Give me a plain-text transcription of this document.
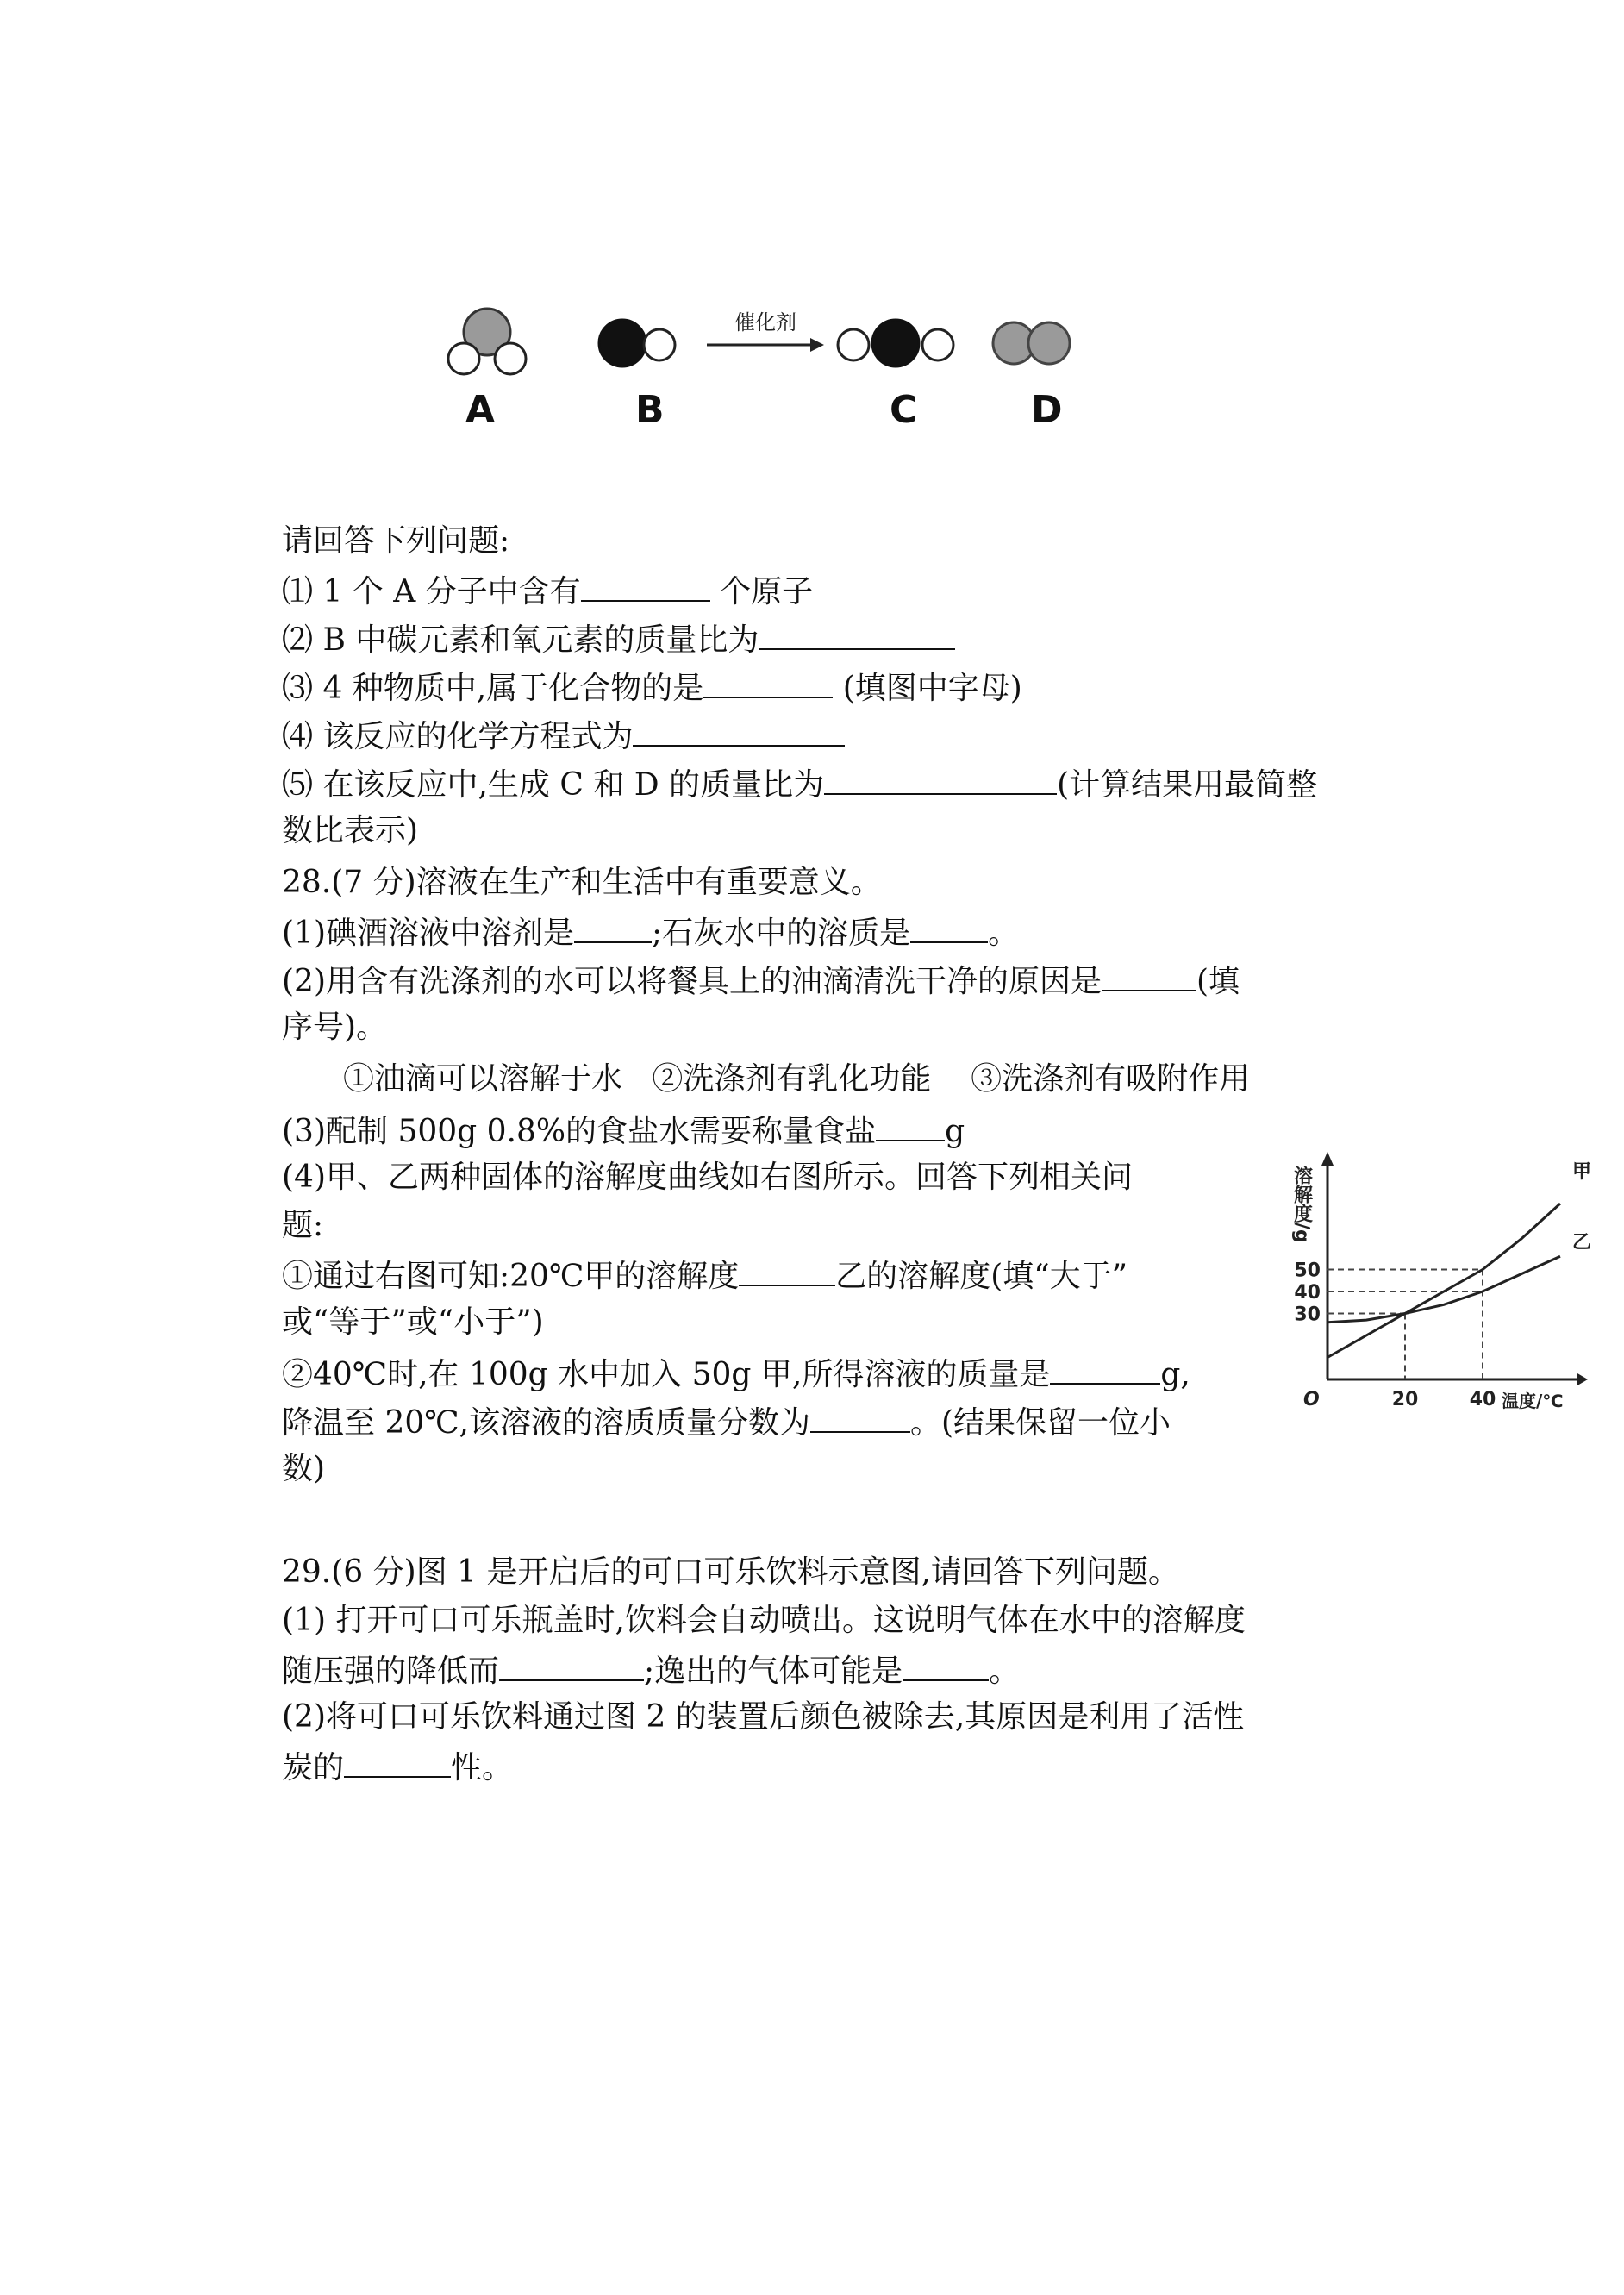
催化剂
A	B	C	D
请回答下列问题:
⑴ 1 个 A 分子中含有	个原子
⑵ B 中碳元素和氧元素的质量比为
⑶ 4 种物质中,属于化合物的是	(填图中字母)
⑷ 该反应的化学方程式为
⑸ 在该反应中,生成 C 和 D 的质量比为	(计算结果用最简整
数比表示)
28.(7 分)溶液在生产和生活中有重要意义。
(1)碘酒溶液中溶剂是	;石灰水中的溶质是	。
(2)用含有洗涤剂的水可以将餐具上的油滴清洗干净的原因是	(填
序号)。
①油滴可以溶解于水   ②洗涤剂有乳化功能    ③洗涤剂有吸附作用
(3)配制 500g 0.8%的食盐水需要称量食盐 g
(4)甲、乙两种固体的溶解度曲线如右图所示。回答下列相关问
题:
①通过右图可知:20℃甲的溶解度	乙的溶解度(填“大于”
或“等于”或“小于”)
②40℃时,在 100g 水中加入 50g 甲,所得溶液的质量是	g,
降温至 20℃,该溶液的溶质质量分数为	。(结果保留一位小
数)
溶解度/g
温度/℃
O
30
40
50
20	40
甲
乙
29.(6 分)图 1 是开启后的可口可乐饮料示意图,请回答下列问题。
(1) 打开可口可乐瓶盖时,饮料会自动喷出。这说明气体在水中的溶解度
随压强的降低而	;逸出的气体可能是	。
(2)将可口可乐饮料通过图 2 的装置后颜色被除去,其原因是利用了活性
炭的	性。
